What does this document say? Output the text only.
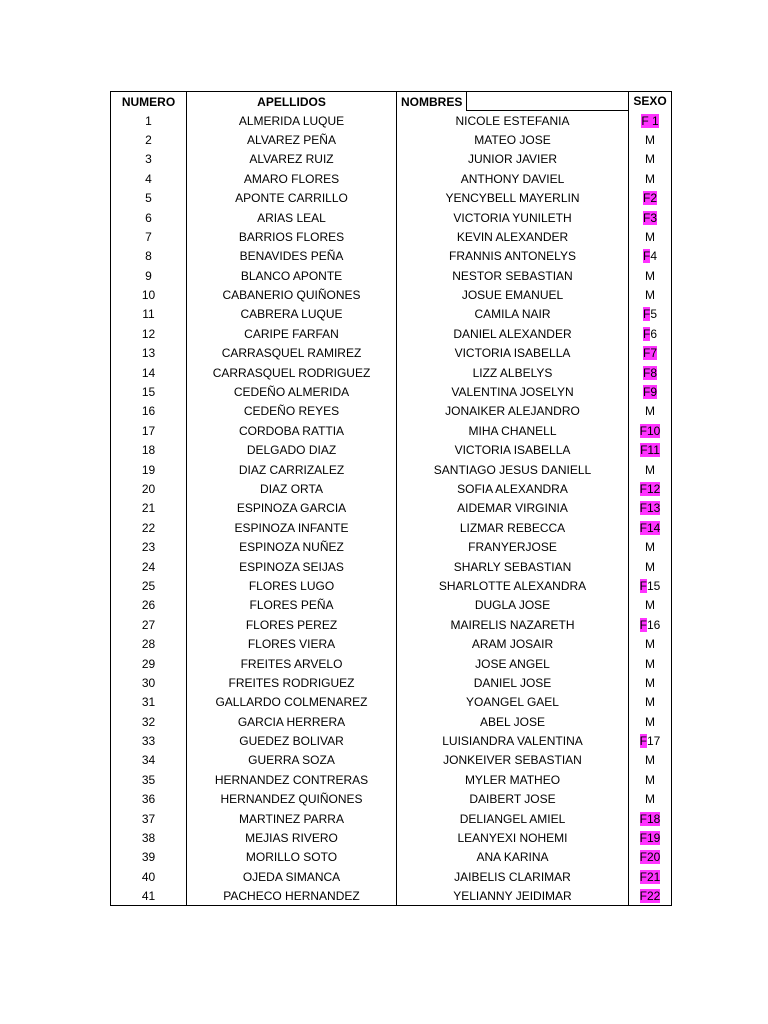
NUMERO	APELLIDOS	NOMBRES		SEXO
1	ALMERIDA LUQUE	NICOLE ESTEFANIA		F 1
2	ALVAREZ PEÑA	MATEO JOSE		M
3	ALVAREZ RUIZ	JUNIOR JAVIER		M
4	AMARO FLORES	ANTHONY DAVIEL		M
5	APONTE CARRILLO	YENCYBELL MAYERLIN		F2
6	ARIAS LEAL	VICTORIA YUNILETH		F3
7	BARRIOS FLORES	KEVIN ALEXANDER		M
8	BENAVIDES PEÑA	FRANNIS ANTONELYS		F4
9	BLANCO APONTE	NESTOR SEBASTIAN		M
10	CABANERIO QUIÑONES	JOSUE EMANUEL		M
11	CABRERA LUQUE	CAMILA NAIR		F5
12	CARIPE FARFAN	DANIEL ALEXANDER		F6
13	CARRASQUEL RAMIREZ	VICTORIA ISABELLA		F7
14	CARRASQUEL RODRIGUEZ	LIZZ ALBELYS		F8
15	CEDEÑO ALMERIDA	VALENTINA JOSELYN		F9
16	CEDEÑO REYES	JONAIKER ALEJANDRO		M
17	CORDOBA RATTIA	MIHA CHANELL		F10
18	DELGADO DIAZ	VICTORIA ISABELLA		F11
19	DIAZ CARRIZALEZ	SANTIAGO JESUS DANIELL		M
20	DIAZ ORTA	SOFIA ALEXANDRA		F12
21	ESPINOZA GARCIA	AIDEMAR VIRGINIA		F13
22	ESPINOZA INFANTE	LIZMAR REBECCA		F14
23	ESPINOZA NUÑEZ	FRANYERJOSE		M
24	ESPINOZA SEIJAS	SHARLY SEBASTIAN		M
25	FLORES LUGO	SHARLOTTE ALEXANDRA		F15
26	FLORES PEÑA	DUGLA JOSE		M
27	FLORES PEREZ	MAIRELIS NAZARETH		F16
28	FLORES VIERA	ARAM JOSAIR		M
29	FREITES ARVELO	JOSE ANGEL		M
30	FREITES RODRIGUEZ	DANIEL JOSE		M
31	GALLARDO COLMENAREZ	YOANGEL GAEL		M
32	GARCIA HERRERA	ABEL JOSE		M
33	GUEDEZ BOLIVAR	LUISIANDRA VALENTINA		F17
34	GUERRA SOZA	JONKEIVER SEBASTIAN		M
35	HERNANDEZ CONTRERAS	MYLER MATHEO		M
36	HERNANDEZ QUIÑONES	DAIBERT JOSE		M
37	MARTINEZ PARRA	DELIANGEL AMIEL		F18
38	MEJIAS RIVERO	LEANYEXI NOHEMI		F19
39	MORILLO SOTO	ANA KARINA		F20
40	OJEDA SIMANCA	JAIBELIS CLARIMAR		F21
41	PACHECO HERNANDEZ	YELIANNY JEIDIMAR		F22
